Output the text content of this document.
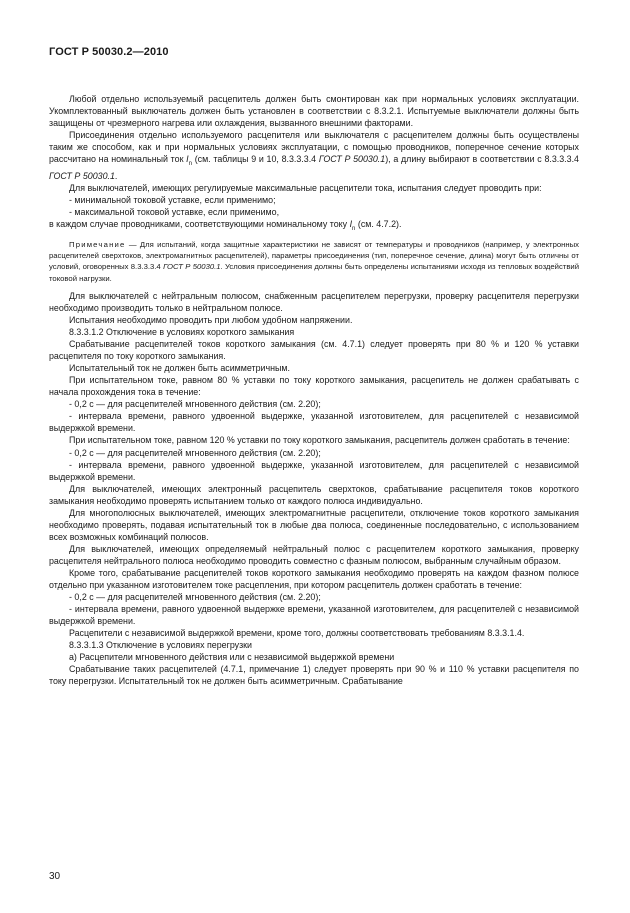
ГОСТ Р 50030.2—2010

Любой отдельно используемый расцепитель должен быть смонтирован как при нормальных условиях эксплуатации. Укомплектованный выключатель должен быть установлен в соответствии с 8.3.2.1. Испытуемые выключатели должны быть защищены от чрезмерного нагрева или охлаждения, вызванного внешними факторами.

Присоединения отдельно используемого расцепителя или выключателя с расцепителем должны быть осуществлены таким же способом, как и при нормальных условиях эксплуатации, с помощью проводников, поперечное сечение которых рассчитано на номинальный ток $I_n$ (см. таблицы 9 и 10, 8.3.3.3.4 ГОСТ Р 50030.1), а длину выбирают в соответствии с 8.3.3.3.4 ГОСТ Р 50030.1.

Для выключателей, имеющих регулируемые максимальные расцепители тока, испытания следует проводить при:

- минимальной токовой уставке, если применимо;

- максимальной токовой уставке, если применимо,

в каждом случае проводниками, соответствующими номинальному току $I_n$ (см. 4.7.2).

Примечание — Для испытаний, когда защитные характеристики не зависят от температуры и проводников (например, у электронных расцепителей сверхтоков, электромагнитных расцепителей), параметры присоединения (тип, поперечное сечение, длина) могут быть отличны от условий, оговоренных 8.3.3.3.4 ГОСТ Р 50030.1. Условия присоединения должны быть определены испытаниями исходя из тепловых воздействий токовой нагрузки.

Для выключателей с нейтральным полюсом, снабженным расцепителем перегрузки, проверку расцепителя перегрузки необходимо производить только в нейтральном полюсе.

Испытания необходимо проводить при любом удобном напряжении.

8.3.3.1.2 Отключение в условиях короткого замыкания

Срабатывание расцепителей токов короткого замыкания (см. 4.7.1) следует проверять при 80 % и 120 % уставки расцепителя по току короткого замыкания.

Испытательный ток не должен быть асимметричным.

При испытательном токе, равном 80 % уставки по току короткого замыкания, расцепитель не должен срабатывать с начала прохождения тока в течение:

- 0,2 с — для расцепителей мгновенного действия (см. 2.20);

- интервала времени, равного удвоенной выдержке, указанной изготовителем, для расцепителей с независимой выдержкой времени.

При испытательном токе, равном 120 % уставки по току короткого замыкания, расцепитель должен сработать в течение:

- 0,2 с — для расцепителей мгновенного действия (см. 2.20);

- интервала времени, равного удвоенной выдержке, указанной изготовителем, для расцепителей с независимой выдержкой времени.

Для выключателей, имеющих электронный расцепитель сверхтоков, срабатывание расцепителя токов короткого замыкания необходимо проверять испытанием только от каждого полюса индивидуально.

Для многополюсных выключателей, имеющих электромагнитные расцепители, отключение токов короткого замыкания необходимо проверять, подавая испытательный ток в любые два полюса, соединенные последовательно, с использованием всех возможных комбинаций полюсов.

Для выключателей, имеющих определяемый нейтральный полюс с расцепителем короткого замыкания, проверку расцепителя нейтрального полюса необходимо проводить совместно с фазным полюсом, выбранным случайным образом.

Кроме того, срабатывание расцепителей токов короткого замыкания необходимо проверять на каждом фазном полюсе отдельно при указанном изготовителем токе расцепления, при котором расцепитель должен сработать в течение:

- 0,2 с — для расцепителей мгновенного действия (см. 2.20);

- интервала времени, равного удвоенной выдержке времени, указанной изготовителем, для расцепителей с независимой выдержкой времени.

Расцепители с независимой выдержкой времени, кроме того, должны соответствовать требованиям 8.3.3.1.4.

8.3.3.1.3 Отключение в условиях перегрузки

а) Расцепители мгновенного действия или с независимой выдержкой времени

Срабатывание таких расцепителей (4.7.1, примечание 1) следует проверять при 90 % и 110 % уставки расцепителя по току перегрузки. Испытательный ток не должен быть асимметричным. Срабатывание

30
